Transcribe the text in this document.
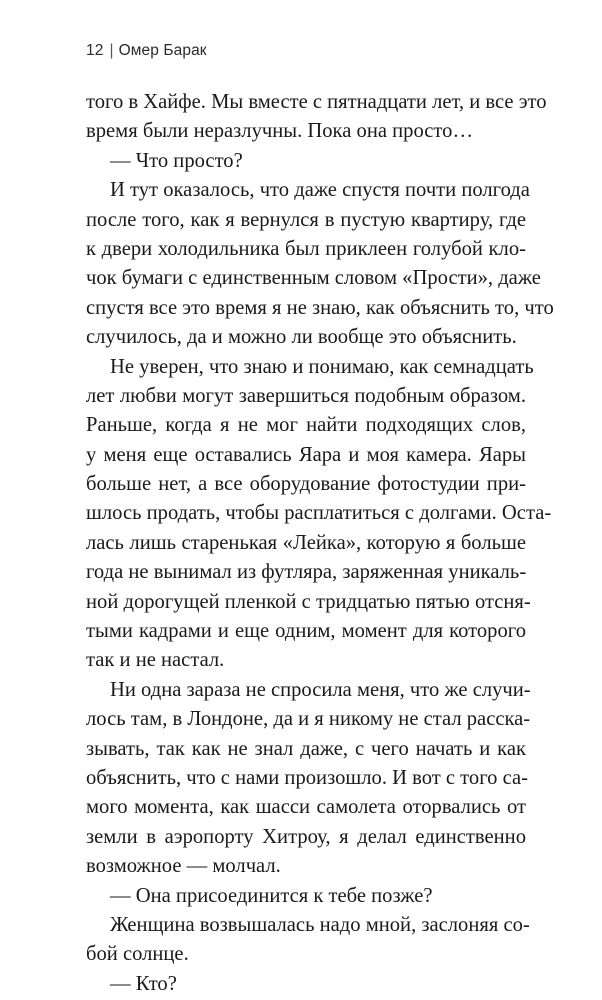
12 | Омер Барак
того в Хайфе. Мы вместе с пятнадцати лет, и все это
время были неразлучны. Пока она просто…
— Что просто?
И тут оказалось, что даже спустя почти полгода
после того, как я вернулся в пустую квартиру, где
к двери холодильника был приклеен голубой кло-
чок бумаги с единственным словом «Прости», даже
спустя все это время я не знаю, как объяснить то, что
случилось, да и можно ли вообще это объяснить.
Не уверен, что знаю и понимаю, как семнадцать
лет любви могут завершиться подобным образом.
Раньше, когда я не мог найти подходящих слов,
у меня еще оставались Яара и моя камера. Яары
больше нет, а все оборудование фотостудии при-
шлось продать, чтобы расплатиться с долгами. Оста-
лась лишь старенькая «Лейка», которую я больше
года не вынимал из футляра, заряженная уникаль-
ной дорогущей пленкой с тридцатью пятью отсня-
тыми кадрами и еще одним, момент для которого
так и не настал.
Ни одна зараза не спросила меня, что же случи-
лось там, в Лондоне, да и я никому не стал расска-
зывать, так как не знал даже, с чего начать и как
объяснить, что с нами произошло. И вот с того са-
мого момента, как шасси самолета оторвались от
земли в аэропорту Хитроу, я делал единственно
возможное — молчал.
— Она присоединится к тебе позже?
Женщина возвышалась надо мной, заслоняя со-
бой солнце.
— Кто?
